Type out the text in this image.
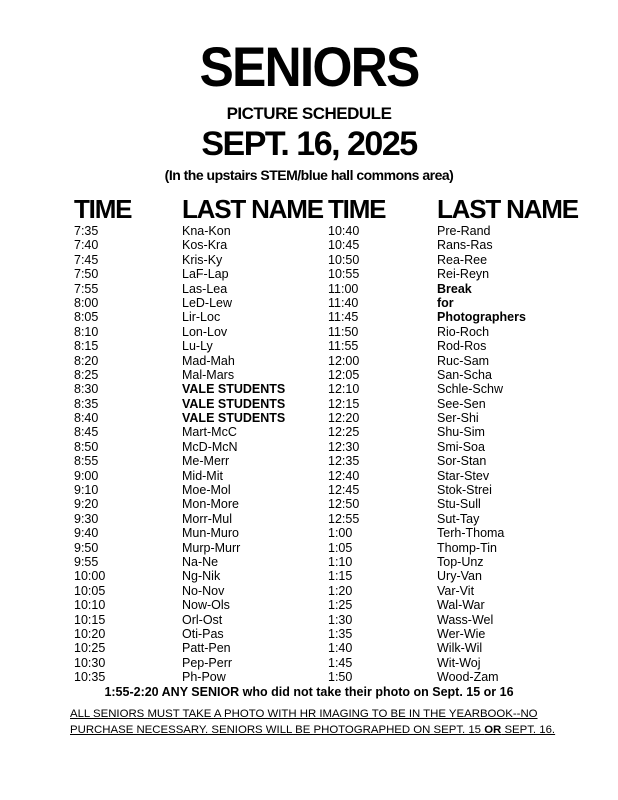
SENIORS
PICTURE SCHEDULE
SEPT. 16, 2025
(In the upstairs STEM/blue hall commons area)
TIME LAST NAME TIME LAST NAME
7:35
7:40
7:45
7:50
7:55
8:00
8:05
8:10
8:15
8:20
8:25
8:30
8:35
8:40
8:45
8:50
8:55
9:00
9:10
9:20
9:30
9:40
9:50
9:55
10:00
10:05
10:10
10:15
10:20
10:25
10:30
10:35
Kna-Kon
Kos-Kra
Kris-Ky
LaF-Lap
Las-Lea
LeD-Lew
Lir-Loc
Lon-Lov
Lu-Ly
Mad-Mah
Mal-Mars
VALE STUDENTS
VALE STUDENTS
VALE STUDENTS
Mart-McC
McD-McN
Me-Merr
Mid-Mit
Moe-Mol
Mon-More
Morr-Mul
Mun-Muro
Murp-Murr
Na-Ne
Ng-Nik
No-Nov
Now-Ols
Orl-Ost
Oti-Pas
Patt-Pen
Pep-Perr
Ph-Pow
10:40
10:45
10:50
10:55
11:00
11:40
11:45
11:50
11:55
12:00
12:05
12:10
12:15
12:20
12:25
12:30
12:35
12:40
12:45
12:50
12:55
1:00
1:05
1:10
1:15
1:20
1:25
1:30
1:35
1:40
1:45
1:50
Pre-Rand
Rans-Ras
Rea-Ree
Rei-Reyn
Break
for
Photographers
Rio-Roch
Rod-Ros
Ruc-Sam
San-Scha
Schle-Schw
See-Sen
Ser-Shi
Shu-Sim
Smi-Soa
Sor-Stan
Star-Stev
Stok-Strei
Stu-Sull
Sut-Tay
Terh-Thoma
Thomp-Tin
Top-Unz
Ury-Van
Var-Vit
Wal-War
Wass-Wel
Wer-Wie
Wilk-Wil
Wit-Woj
Wood-Zam
1:55-2:20 ANY SENIOR who did not take their photo on Sept. 15 or 16
ALL SENIORS MUST TAKE A PHOTO WITH HR IMAGING TO BE IN THE YEARBOOK--NO
PURCHASE NECESSARY. SENIORS WILL BE PHOTOGRAPHED ON SEPT. 15 OR SEPT. 16.
